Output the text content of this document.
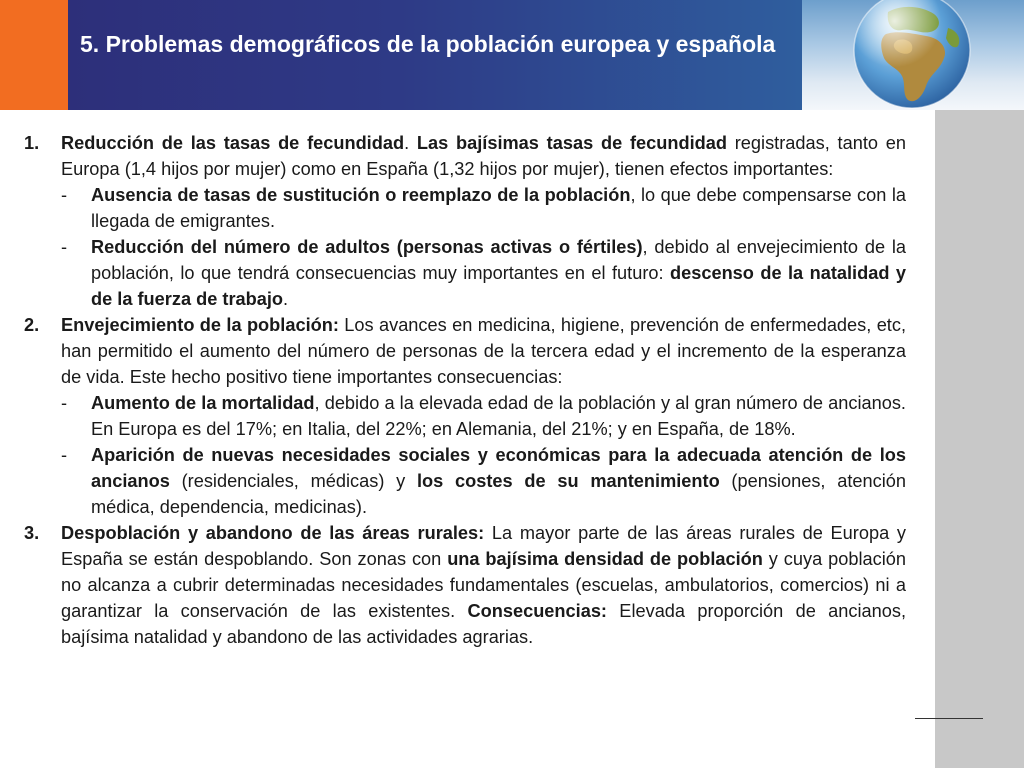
5. Problemas demográficos de la población europea y española
1. Reducción de las tasas de fecundidad. Las bajísimas tasas de fecundidad registradas, tanto en Europa (1,4 hijos por mujer) como en España (1,32 hijos por mujer), tienen efectos importantes:
- Ausencia de tasas de sustitución o reemplazo de la población, lo que debe compensarse con la llegada de emigrantes.
- Reducción del número de adultos (personas activas o fértiles), debido al envejecimiento de la población, lo que tendrá consecuencias muy importantes en el futuro: descenso de la natalidad y de la fuerza de trabajo.
2. Envejecimiento de la población: Los avances en medicina, higiene, prevención de enfermedades, etc, han permitido el aumento del número de personas de la tercera edad y el incremento de la esperanza de vida. Este hecho positivo tiene importantes consecuencias:
- Aumento de la mortalidad, debido a la elevada edad de la población y al gran número de ancianos. En Europa es del 17%; en Italia, del 22%; en Alemania, del 21%; y en España, de 18%.
- Aparición de nuevas necesidades sociales y económicas para la adecuada atención de los ancianos (residenciales, médicas) y los costes de su mantenimiento (pensiones, atención médica, dependencia, medicinas).
3. Despoblación y abandono de las áreas rurales: La mayor parte de las áreas rurales de Europa y España se están despoblando. Son zonas con una bajísima densidad de población y cuya población no alcanza a cubrir determinadas necesidades fundamentales (escuelas, ambulatorios, comercios) ni a garantizar la conservación de las existentes. Consecuencias: Elevada proporción de ancianos, bajísima natalidad y abandono de las actividades agrarias.
